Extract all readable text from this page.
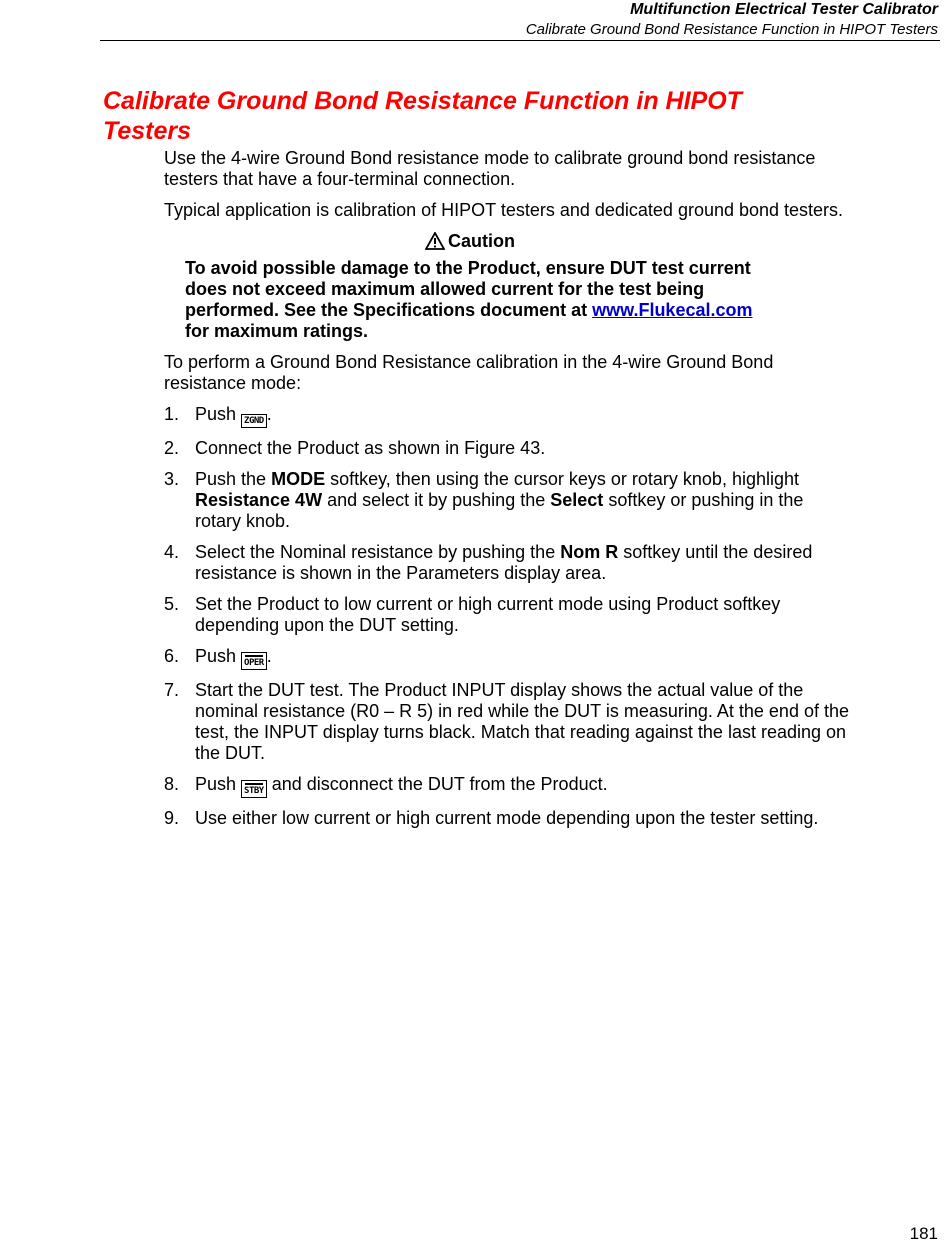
Multifunction Electrical Tester Calibrator
Calibrate Ground Bond Resistance Function in HIPOT Testers
Calibrate Ground Bond Resistance Function in HIPOT Testers

Use the 4-wire Ground Bond resistance mode to calibrate ground bond resistance testers that have a four-terminal connection.

Typical application is calibration of HIPOT testers and dedicated ground bond testers.

Caution
To avoid possible damage to the Product, ensure DUT test current does not exceed maximum allowed current for the test being performed. See the Specifications document at www.Flukecal.com for maximum ratings.

To perform a Ground Bond Resistance calibration in the 4-wire Ground Bond resistance mode:

1. Push ZGND .
2. Connect the Product as shown in Figure 43.
3. Push the MODE softkey, then using the cursor keys or rotary knob, highlight Resistance 4W and select it by pushing the Select softkey or pushing in the rotary knob.
4. Select the Nominal resistance by pushing the Nom R softkey until the desired resistance is shown in the Parameters display area.
5. Set the Product to low current or high current mode using Product softkey depending upon the DUT setting.
6. Push OPER .
7. Start the DUT test. The Product INPUT display shows the actual value of the nominal resistance (R0 – R 5) in red while the DUT is measuring. At the end of the test, the INPUT display turns black. Match that reading against the last reading on the DUT.
8. Push STBY and disconnect the DUT from the Product.
9. Use either low current or high current mode depending upon the tester setting.
181
